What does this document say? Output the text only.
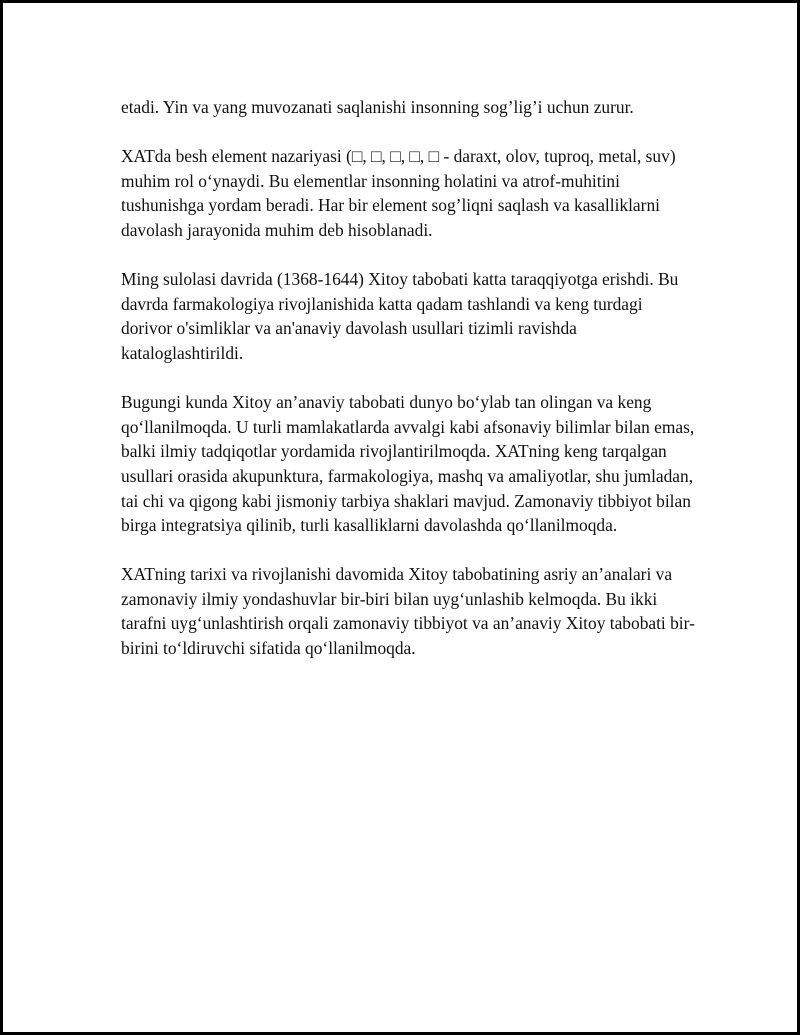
etadi. Yin va yang muvozanati saqlanishi insonning sog’lig’i uchun zurur.

XATda besh element nazariyasi (□, □, □, □, □ - daraxt, olov, tuproq, metal, suv) muhim rol o‘ynaydi. Bu elementlar insonning holatini va atrof-muhitini tushunishga yordam beradi. Har bir element sog’liqni saqlash va kasalliklarni davolash jarayonida muhim deb hisoblanadi.

Ming sulolasi davrida (1368-1644) Xitoy tabobati katta taraqqiyotga erishdi. Bu davrda farmakologiya rivojlanishida katta qadam tashlandi va keng turdagi dorivor o'simliklar va an'anaviy davolash usullari tizimli ravishda kataloglashtirildi.

Bugungi kunda Xitoy an’anaviy tabobati dunyo bo‘ylab tan olingan va keng qo‘llanilmoqda. U turli mamlakatlarda avvalgi kabi afsonaviy bilimlar bilan emas, balki ilmiy tadqiqotlar yordamida rivojlantirilmoqda. XATning keng tarqalgan usullari orasida akupunktura, farmakologiya, mashq va amaliyotlar, shu jumladan, tai chi va qigong kabi jismoniy tarbiya shaklari mavjud. Zamonaviy tibbiyot bilan birga integratsiya qilinib, turli kasalliklarni davolashda qo‘llanilmoqda.

XATning tarixi va rivojlanishi davomida Xitoy tabobatining asriy an’analari va zamonaviy ilmiy yondashuvlar bir-biri bilan uyg‘unlashib kelmoqda. Bu ikki tarafni uyg‘unlashtirish orqali zamonaviy tibbiyot va an’anaviy Xitoy tabobati bir-birini to‘ldiruvchi sifatida qo‘llanilmoqda.
